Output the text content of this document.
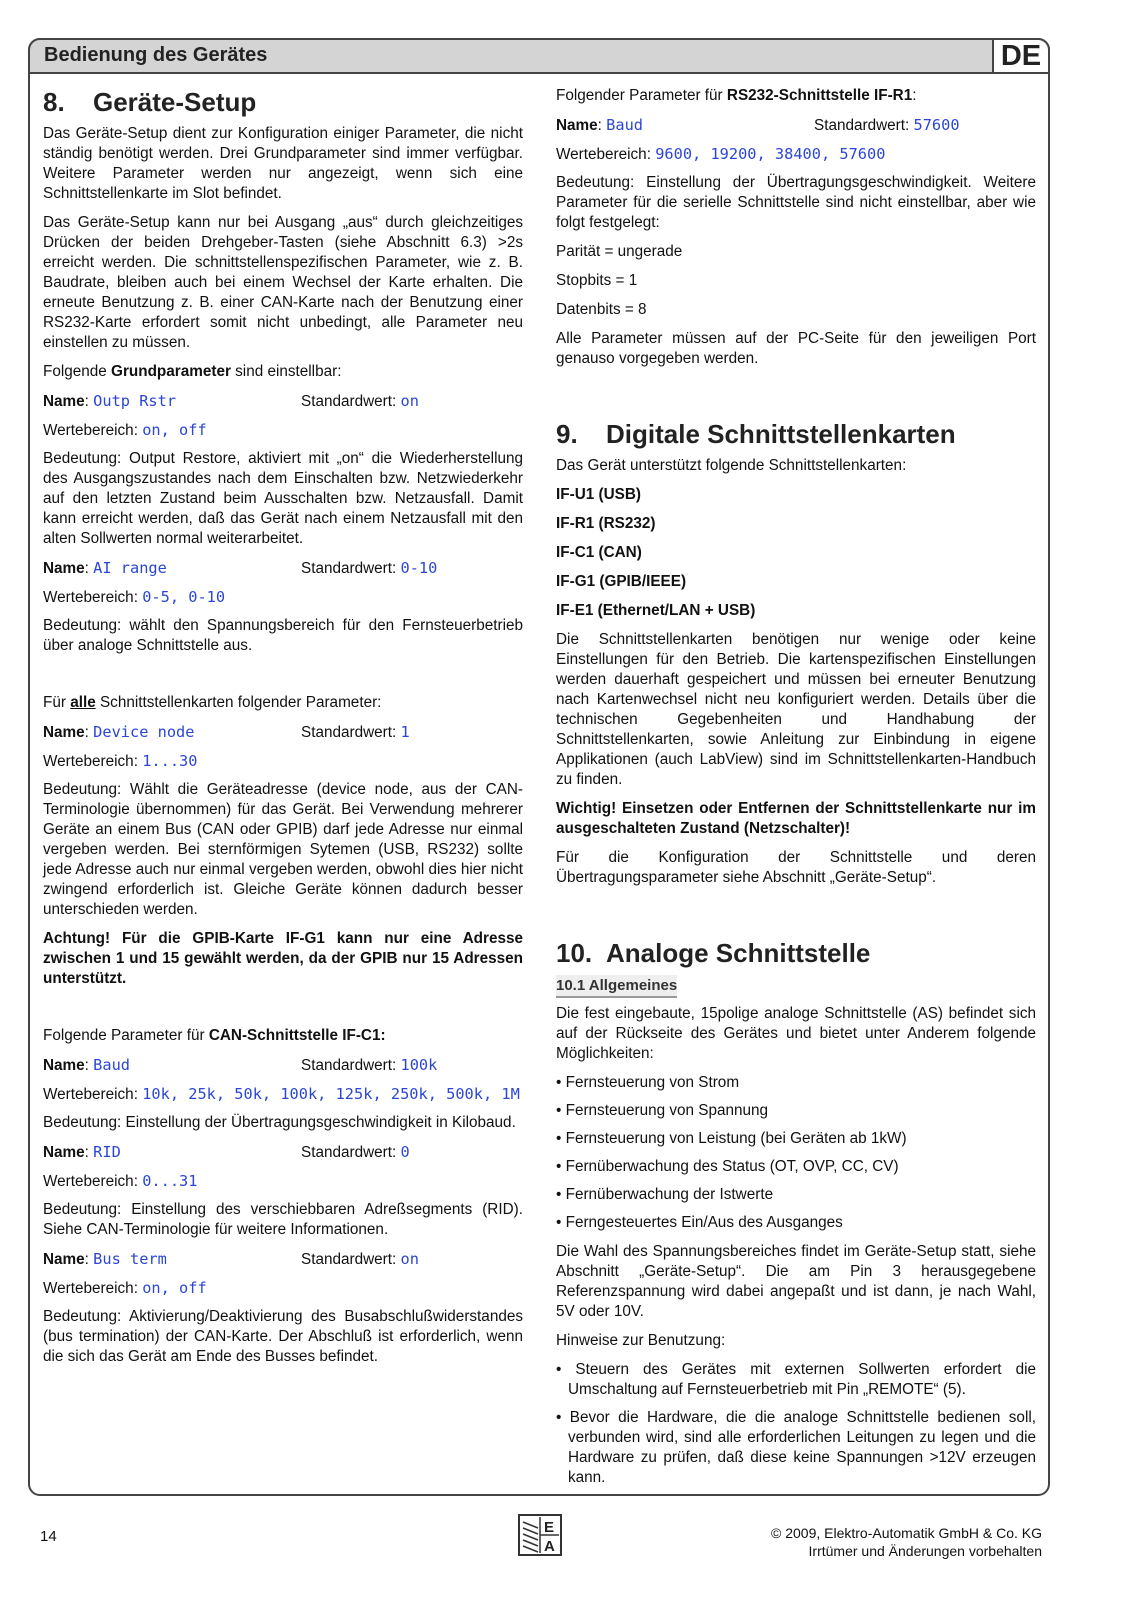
Bedienung des Gerätes	DE
8. Geräte-Setup

Das Geräte-Setup dient zur Konfiguration einiger Parameter, die nicht ständig benötigt werden. Drei Grundparameter sind immer verfügbar. Weitere Parameter werden nur angezeigt, wenn sich eine Schnittstellenkarte im Slot befindet.

Das Geräte-Setup kann nur bei Ausgang „aus“ durch gleichzeitiges Drücken der beiden Drehgeber-Tasten (siehe Abschnitt 6.3) >2s erreicht werden. Die schnittstellenspezifischen Parameter, wie z. B. Baudrate, bleiben auch bei einem Wechsel der Karte erhalten. Die erneute Benutzung z. B. einer CAN-Karte nach der Benutzung einer RS232-Karte erfordert somit nicht unbedingt, alle Parameter neu einstellen zu müssen.

Folgende Grundparameter sind einstellbar:

Name: Outp Rstr	Standardwert: on
Wertebereich: on, off

Bedeutung: Output Restore, aktiviert mit „on“ die Wiederherstellung des Ausgangszustandes nach dem Einschalten bzw. Netzwiederkehr auf den letzten Zustand beim Ausschalten bzw. Netzausfall. Damit kann erreicht werden, daß das Gerät nach einem Netzausfall mit den alten Sollwerten normal weiterarbeitet.

Name: AI range	Standardwert: 0-10
Wertebereich: 0-5, 0-10

Bedeutung: wählt den Spannungsbereich für den Fernsteuerbetrieb über analoge Schnittstelle aus.

Für alle Schnittstellenkarten folgender Parameter:

Name: Device node	Standardwert: 1
Wertebereich: 1...30

Bedeutung: Wählt die Geräteadresse (device node, aus der CAN-Terminologie übernommen) für das Gerät. Bei Verwendung mehrerer Geräte an einem Bus (CAN oder GPIB) darf jede Adresse nur einmal vergeben werden. Bei sternförmigen Sytemen (USB, RS232) sollte jede Adresse auch nur einmal vergeben werden, obwohl dies hier nicht zwingend erforderlich ist. Gleiche Geräte können dadurch besser unterschieden werden.

Achtung! Für die GPIB-Karte IF-G1 kann nur eine Adresse zwischen 1 und 15 gewählt werden, da der GPIB nur 15 Adressen unterstützt.

Folgende Parameter für CAN-Schnittstelle IF-C1:

Name: Baud	Standardwert: 100k
Wertebereich: 10k, 25k, 50k, 100k, 125k, 250k, 500k, 1M

Bedeutung: Einstellung der Übertragungsgeschwindigkeit in Kilobaud.

Name: RID	Standardwert: 0
Wertebereich: 0...31

Bedeutung: Einstellung des verschiebbaren Adreßsegments (RID). Siehe CAN-Terminologie für weitere Informationen.

Name: Bus term	Standardwert: on
Wertebereich: on, off

Bedeutung: Aktivierung/Deaktivierung des Busabschlußwiderstandes (bus termination) der CAN-Karte. Der Abschluß ist erforderlich, wenn die sich das Gerät am Ende des Busses befindet.

Folgender Parameter für RS232-Schnittstelle IF-R1:

Name: Baud	Standardwert: 57600
Wertebereich: 9600, 19200, 38400, 57600

Bedeutung: Einstellung der Übertragungsgeschwindigkeit. Weitere Parameter für die serielle Schnittstelle sind nicht einstellbar, aber wie folgt festgelegt:

Parität = ungerade

Stopbits = 1

Datenbits = 8

Alle Parameter müssen auf der PC-Seite für den jeweiligen Port genauso vorgegeben werden.

9. Digitale Schnittstellenkarten

Das Gerät unterstützt folgende Schnittstellenkarten:

IF-U1 (USB)

IF-R1 (RS232)

IF-C1 (CAN)

IF-G1 (GPIB/IEEE)

IF-E1 (Ethernet/LAN + USB)

Die Schnittstellenkarten benötigen nur wenige oder keine Einstellungen für den Betrieb. Die kartenspezifischen Einstellungen werden dauerhaft gespeichert und müssen bei erneuter Benutzung nach Kartenwechsel nicht neu konfiguriert werden. Details über die technischen Gegebenheiten und Handhabung der Schnittstellenkarten, sowie Anleitung zur Einbindung in eigene Applikationen (auch LabView) sind im Schnittstellenkarten-Handbuch zu finden.

Wichtig! Einsetzen oder Entfernen der Schnittstellenkarte nur im ausgeschalteten Zustand (Netzschalter)!

Für die Konfiguration der Schnittstelle und deren Übertragungsparameter siehe Abschnitt „Geräte-Setup“.

10. Analoge Schnittstelle
10.1 Allgemeines

Die fest eingebaute, 15polige analoge Schnittstelle (AS) befindet sich auf der Rückseite des Gerätes und bietet unter Anderem folgende Möglichkeiten:

• Fernsteuerung von Strom
• Fernsteuerung von Spannung
• Fernsteuerung von Leistung (bei Geräten ab 1kW)
• Fernüberwachung des Status (OT, OVP, CC, CV)
• Fernüberwachung der Istwerte
• Ferngesteuertes Ein/Aus des Ausganges

Die Wahl des Spannungsbereiches findet im Geräte-Setup statt, siehe Abschnitt „Geräte-Setup“. Die am Pin 3 herausgegebene Referenzspannung wird dabei angepaßt und ist dann, je nach Wahl, 5V oder 10V.

Hinweise zur Benutzung:

• Steuern des Gerätes mit externen Sollwerten erfordert die Umschaltung auf Fernsteuerbetrieb mit Pin „REMOTE“ (5).
• Bevor die Hardware, die die analoge Schnittstelle bedienen soll, verbunden wird, sind alle erforderlichen Leitungen zu legen und die Hardware zu prüfen, daß diese keine Spannungen >12V erzeugen kann.
14
E
A
© 2009, Elektro-Automatik GmbH & Co. KG
Irrtümer und Änderungen vorbehalten
